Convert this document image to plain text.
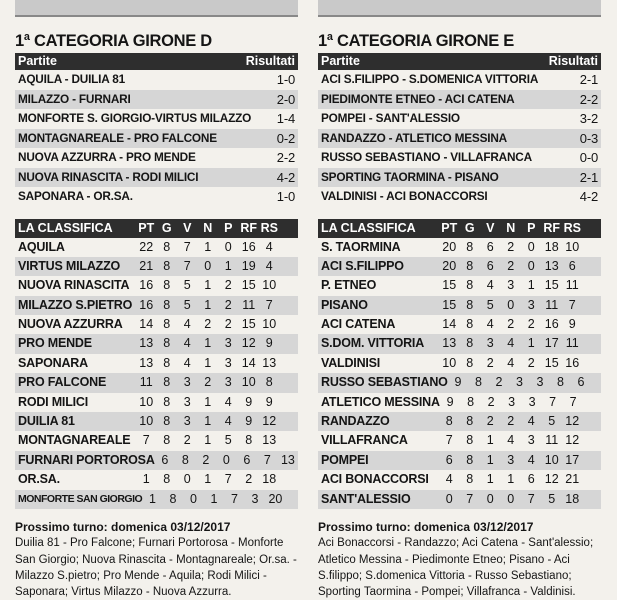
1ª CATEGORIA GIRONE D
Partite	Risultati
AQUILA - DUILIA 81	1-0
MILAZZO - FURNARI	2-0
MONFORTE S. GIORGIO-VIRTUS MILAZZO 1-4
MONTAGNAREALE - PRO FALCONE	0-2
NUOVA AZZURRA - PRO MENDE	2-2
NUOVA RINASCITA - RODI MILICI	4-2
SAPONARA - OR.SA.	1-0
LA CLASSIFICA	PT G V N P RF RS
AQUILA	22 8	7	1	0 16 4
VIRTUS MILAZZO	21 8	7	0	1 19 4
NUOVA RINASCITA 16 8	5	1	2 15 10
MILAZZO S.PIETRO 16 8	5	1	2 11 7
NUOVA AZZURRA	14 8	4	2	2 15 10
PRO MENDE	13 8	4	1	3 12 9
SAPONARA	13 8	4	1	3 14 13
PRO FALCONE	11 8	3	2	3 10 8
RODI MILICI	10 8	3	1	4	9	9
DUILIA 81	10 8	3	1	4	9 12
MONTAGNAREALE 7	8	2	1	5	8 13
FURNARI PORTOROSA 6	8	2	0	6	7 13
OR.SA.	1	8	0	1	7	2 18
MONFORTE SAN GIORGIO 1	8	0	1	7	3 20
Prossimo turno: domenica 03/12/2017
Duilia 81 - Pro Falcone; Furnari Portorosa - Monforte San Giorgio; Nuova Rinascita - Montagnareale; Or.sa. - Milazzo S.pietro; Pro Mende - Aquila; Rodi Milici - Saponara; Virtus Milazzo - Nuova Azzurra.
1ª CATEGORIA GIRONE E
Partite	Risultati
ACI S.FILIPPO - S.DOMENICA VITTORIA	2-1
PIEDIMONTE ETNEO - ACI CATENA	2-2
POMPEI - SANT'ALESSIO	3-2
RANDAZZO - ATLETICO MESSINA	0-3
RUSSO SEBASTIANO - VILLAFRANCA	0-0
SPORTING TAORMINA - PISANO	2-1
VALDINISI - ACI BONACCORSI	4-2
LA CLASSIFICA	PT G V N P RF RS
S. TAORMINA	20 8	6	2	0 18 10
ACI S.FILIPPO	20 8	6	2	0 13 6
P. ETNEO	15 8	4	3	1 15 11
PISANO	15 8	5	0	3 11 7
ACI CATENA	14 8	4	2	2 16 9
S.DOM. VITTORIA	13 8	3	4	1 17 11
VALDINISI	10 8	2	4	2 15 16
RUSSO SEBASTIANO 9	8	2	3	3	8	6
ATLETICO MESSINA 9	8	2	3	3	7	7
RANDAZZO	8	8	2	2	4	5 12
VILLAFRANCA	7	8	1	4	3 11 12
POMPEI	6	8	1	3	4 10 17
ACI BONACCORSI	4	8	1	1	6 12 21
SANT'ALESSIO	0	7	0	0	7	5 18
Prossimo turno: domenica 03/12/2017
Aci Bonaccorsi - Randazzo; Aci Catena - Sant'alessio; Atletico Messina - Piedimonte Etneo; Pisano - Aci S.filippo; S.domenica Vittoria - Russo Sebastiano; Sporting Taormina - Pompei; Villafranca - Valdinisi.
